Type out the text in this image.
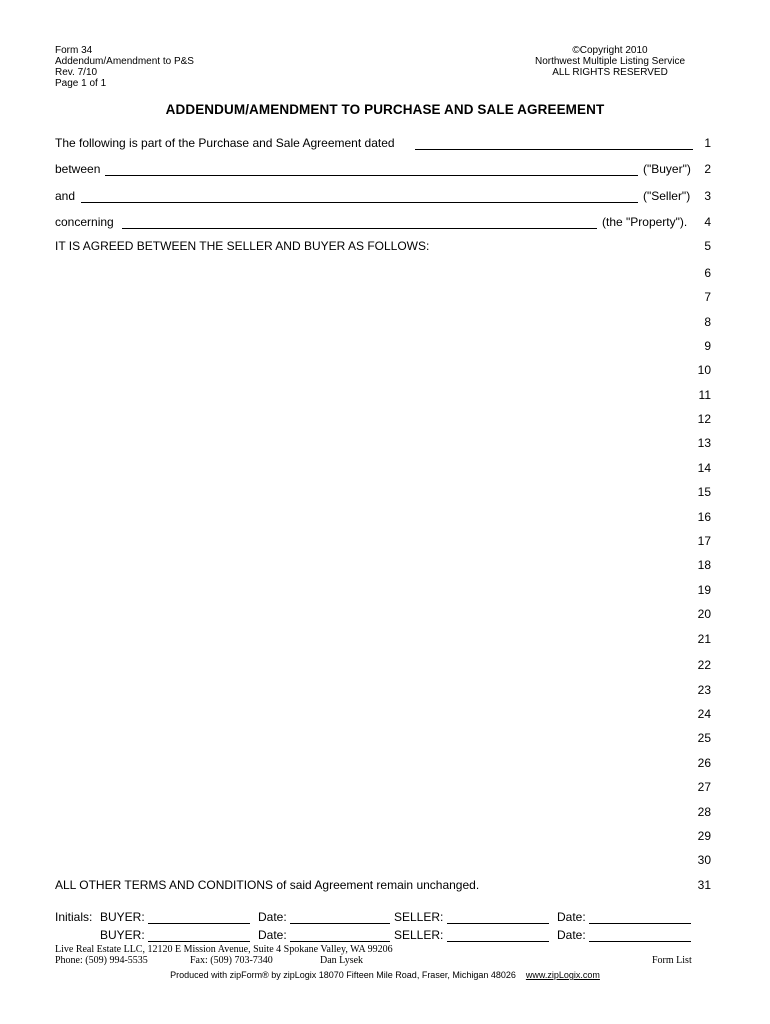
Form 34
Addendum/Amendment to P&S
Rev. 7/10
Page 1 of 1
©Copyright 2010
Northwest Multiple Listing Service
ALL RIGHTS RESERVED
ADDENDUM/AMENDMENT TO PURCHASE AND SALE AGREEMENT
The following is part of the Purchase and Sale Agreement dated
between	("Buyer")
and	("Seller")
concerning	(the "Property").
IT IS AGREED BETWEEN THE SELLER AND BUYER AS FOLLOWS:
ALL OTHER TERMS AND CONDITIONS of said Agreement remain unchanged.
1
2
3
4
5
6
7
8
9
10
11
12
13
14
15
16
17
18
19
20
21
22
23
24
25
26
27
28
29
30
31
Initials: BUYER:	Date:	SELLER:	Date:
BUYER:	Date:	SELLER:	Date:
Live Real Estate LLC, 12120 E Mission Avenue, Suite 4 Spokane Valley, WA 99206
Phone: (509) 994-5535	Fax: (509) 703-7340	Dan Lysek	Form List
Produced with zipForm® by zipLogix 18070 Fifteen Mile Road, Fraser, Michigan 48026 www.zipLogix.com
